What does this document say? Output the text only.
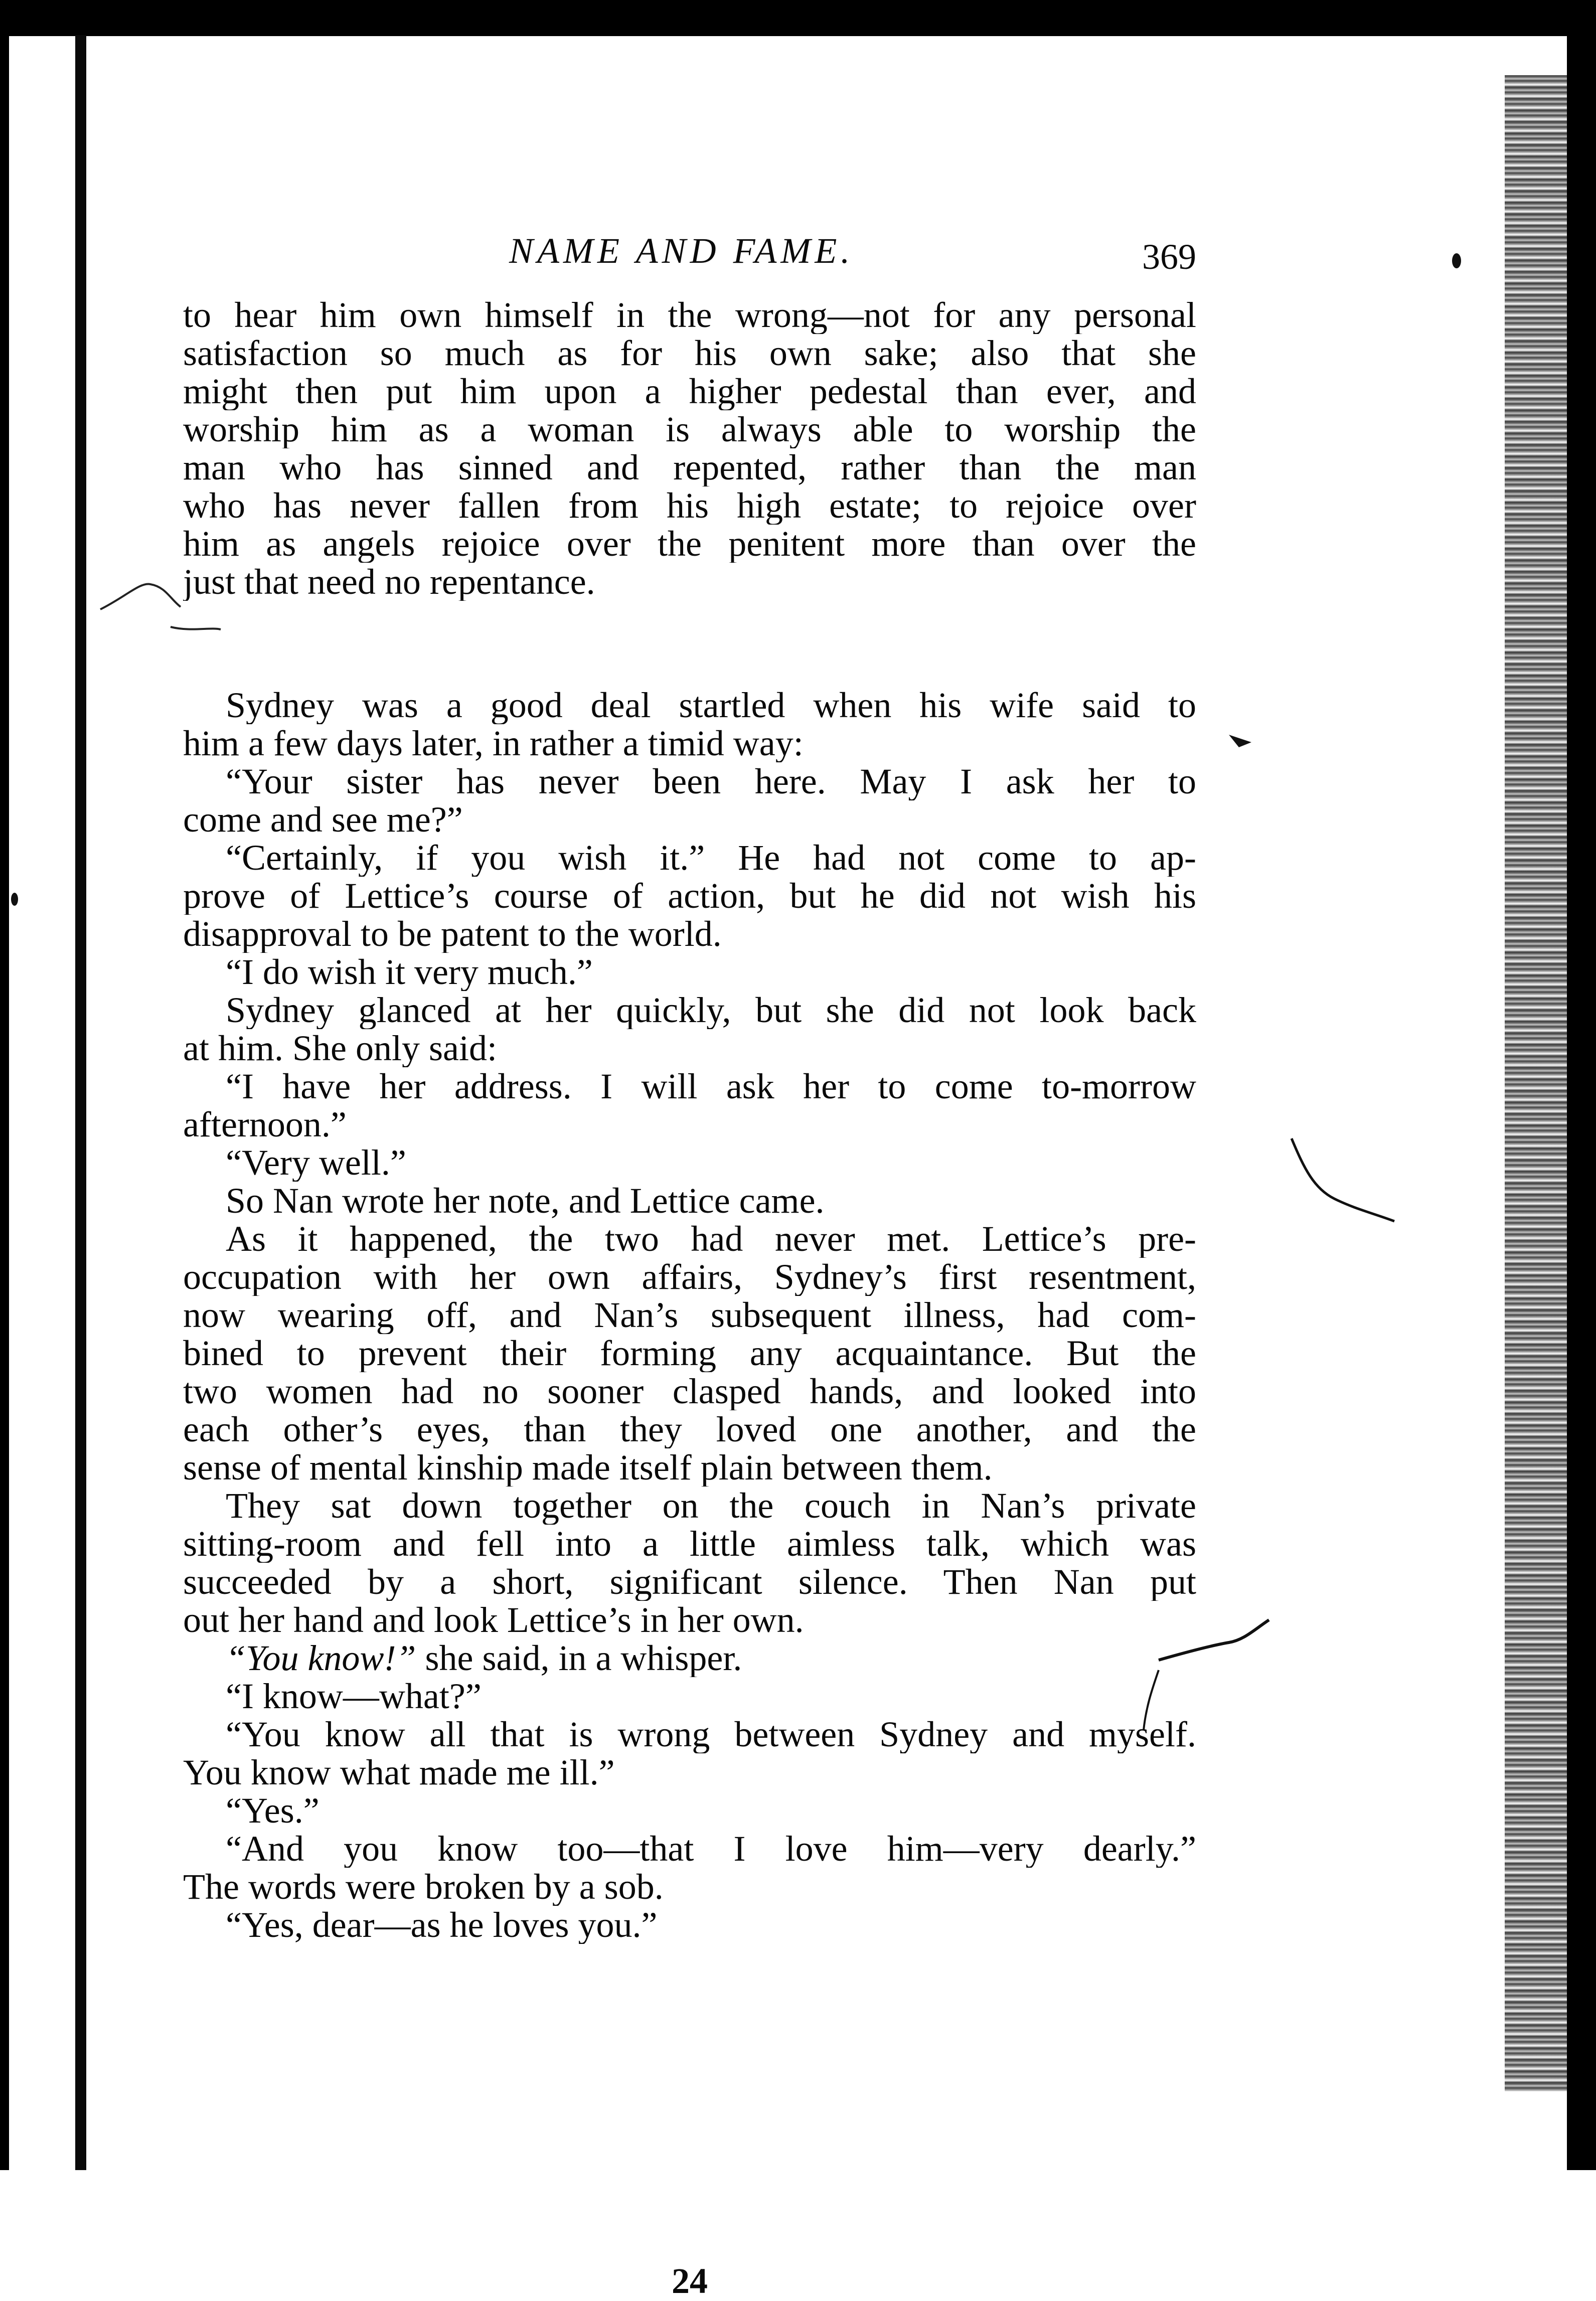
NAME AND FAME.	369
to hear him own himself in the wrong—not for any personal
satisfaction so much as for his own sake; also that she
might then put him upon a higher pedestal than ever, and
worship him as a woman is always able to worship the
man who has sinned and repented, rather than the man
who has never fallen from his high estate; to rejoice over
him as angels rejoice over the penitent more than over the
just that need no repentance.
Sydney was a good deal startled when his wife said to
him a few days later, in rather a timid way:
“Your sister has never been here. May I ask her to
come and see me?”
“Certainly, if you wish it.” He had not come to ap-
prove of Lettice’s course of action, but he did not wish his
disapproval to be patent to the world.
“I do wish it very much.”
Sydney glanced at her quickly, but she did not look back
at him. She only said:
“I have her address. I will ask her to come to-morrow
afternoon.”
“Very well.”
So Nan wrote her note, and Lettice came.
As it happened, the two had never met. Lettice’s pre-
occupation with her own affairs, Sydney’s first resentment,
now wearing off, and Nan’s subsequent illness, had com-
bined to prevent their forming any acquaintance. But the
two women had no sooner clasped hands, and looked into
each other’s eyes, than they loved one another, and the
sense of mental kinship made itself plain between them.
They sat down together on the couch in Nan’s private
sitting-room and fell into a little aimless talk, which was
succeeded by a short, significant silence. Then Nan put
out her hand and look Lettice’s in her own.
“You know!” she said, in a whisper.
“I know—what?”
“You know all that is wrong between Sydney and myself.
You know what made me ill.”
“Yes.”
“And you know too—that I love him—very dearly.”
The words were broken by a sob.
“Yes, dear—as he loves you.”
24
